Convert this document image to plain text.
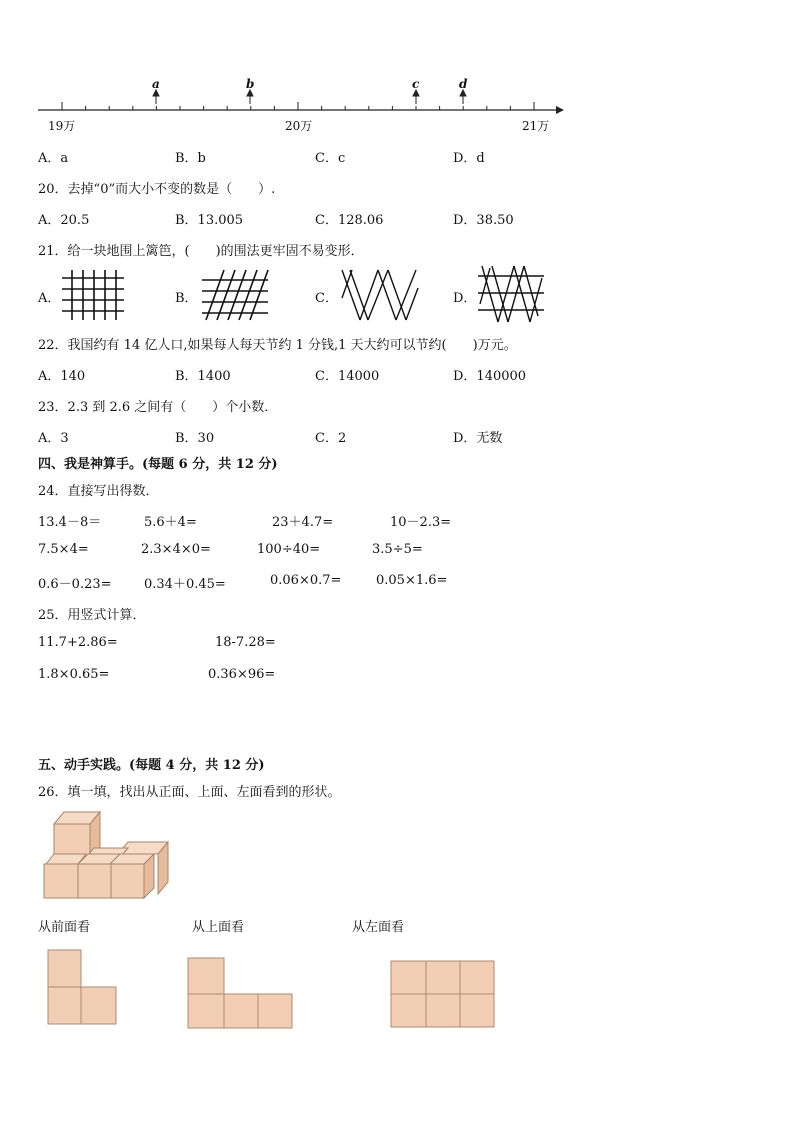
a	b	c	d
19万	20万	21万
A．a	B．b	C．c	D．d
20．去掉“0”而大小不变的数是（　　）.
A．20.5	B．13.005	C．128.06	D．38.50
21．给一块地围上篱笆，(　　)的围法更牢固不易变形．
A．	B．	C．	D．
22．我国约有 14 亿人口,如果每人每天节约 1 分钱,1 天大约可以节约(　　)万元。
A．140	B．1400	C．14000	D．140000
23．2.3 到 2.6 之间有（　　）个小数．
A．3	B．30	C．2	D．无数
四、我是神算手。(每题 6 分，共 12 分)
24．直接写出得数．
13.4－8＝	5.6＋4=	23＋4.7=	10－2.3=
7.5×4=	2.3×4×0=	100÷40=	3.5÷5=
0.6－0.23= 0.34＋0.45=	0.06×0.7=	0.05×1.6=
25．用竖式计算．
11.7+2.86=	18-7.28=
1.8×0.65=	0.36×96=
五、动手实践。(每题 4 分，共 12 分)
26．填一填，找出从正面、上面、左面看到的形状。
从前面看	从上面看	从左面看
